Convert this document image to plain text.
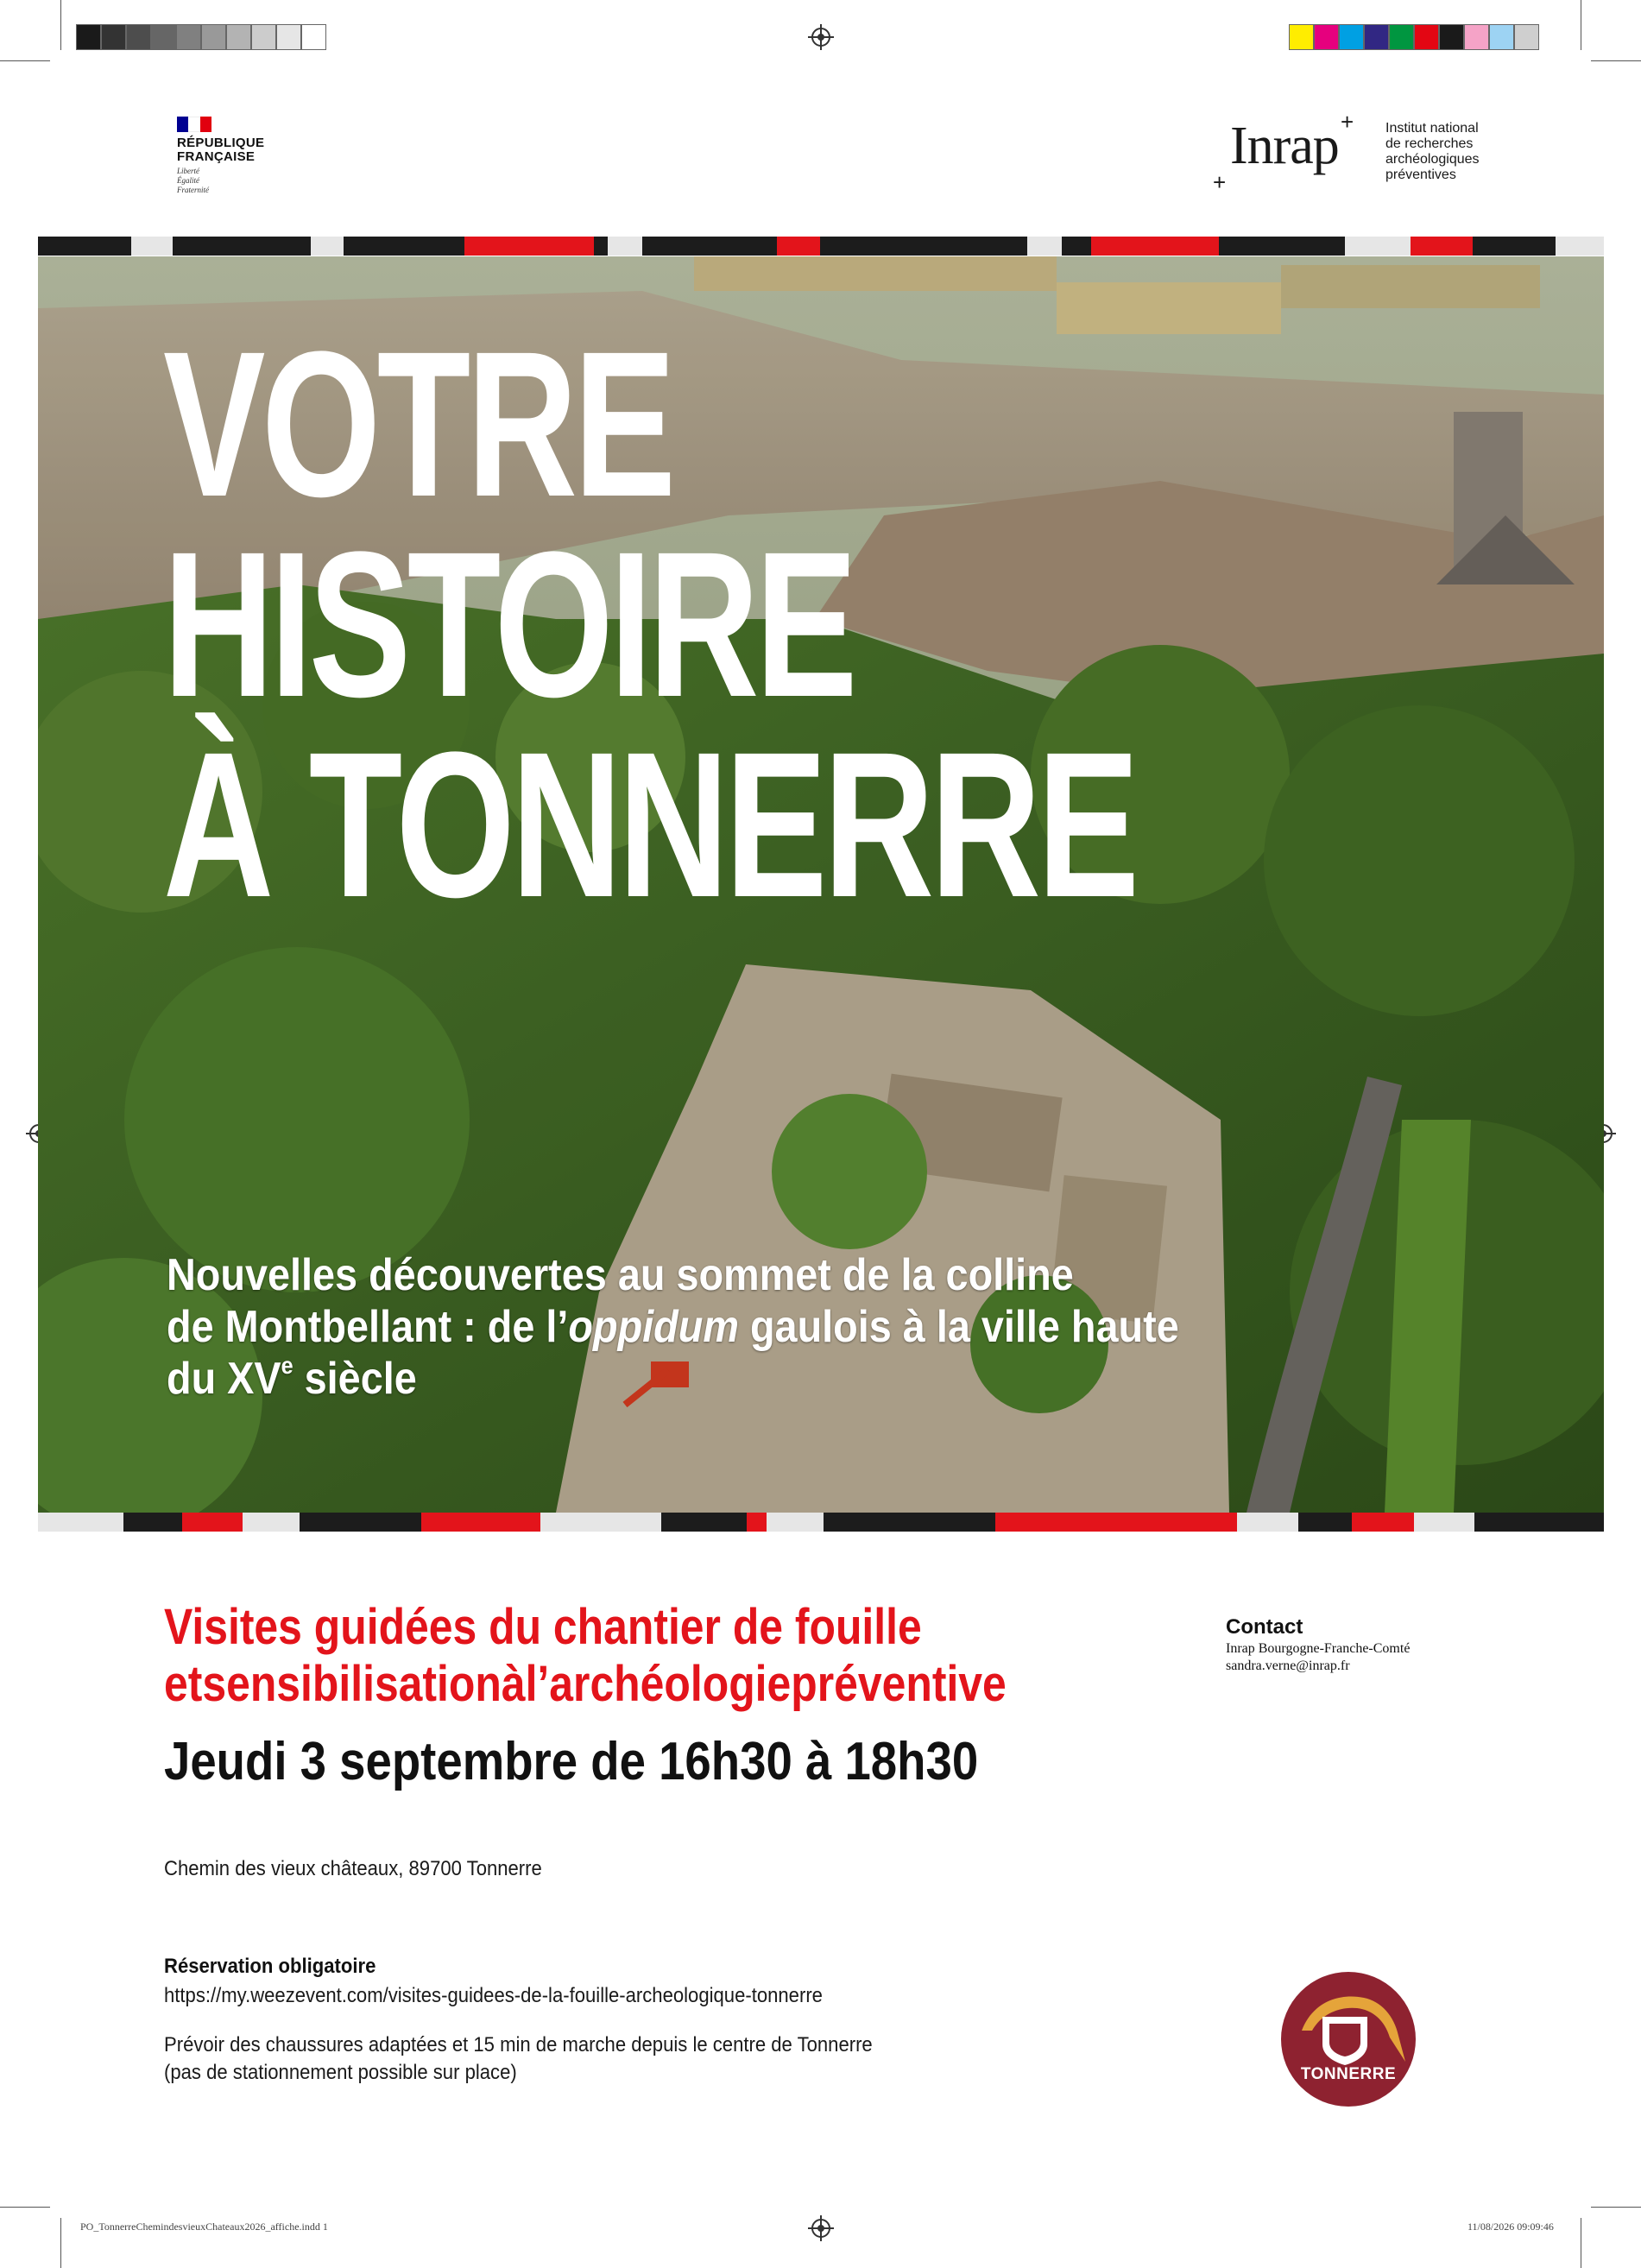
RÉPUBLIQUE
FRANÇAISE
Liberté
Égalité
Fraternité	+
Inrap + Institut national
de recherches
archéologiques
préventives
VOTRE
HISTOIRE
À TONNERRE
Nouvelles découvertes au sommet de la colline
de Montbellant : de l’oppidum gaulois à la ville haute
du XVe siècle
Visites guidées du chantier de fouille
etsensibilisationàl’archéologiepréventive
Jeudi 3 septembre de 16h30 à 18h30
Contact
Inrap Bourgogne-Franche-Comté
sandra.verne@inrap.fr
Chemin des vieux châteaux, 89700 Tonnerre
Réservation obligatoire
https://my.weezevent.com/visites-guidees-de-la-fouille-archeologique-tonnerre
Prévoir des chaussures adaptées et 15 min de marche depuis le centre de Tonnerre
(pas de stationnement possible sur place)	TONNERRE
PO_TonnerreChemindesvieuxChateaux2026_affiche.indd 1	11/08/2026 09:09:46
